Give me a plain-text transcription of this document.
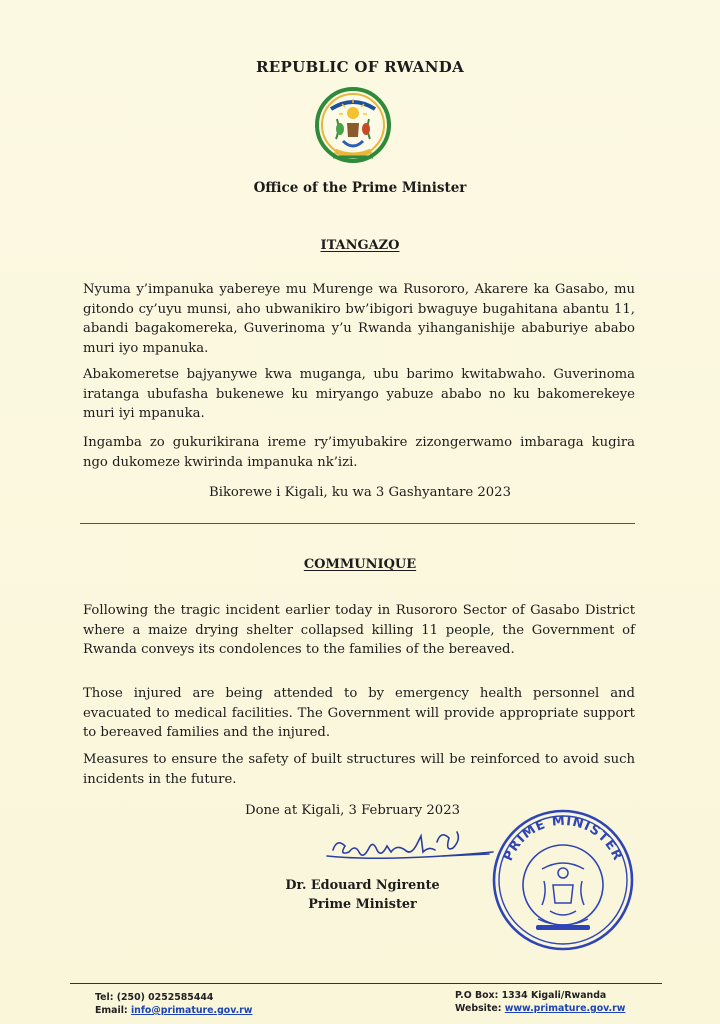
REPUBLIC OF RWANDA
Office of the Prime Minister
ITANGAZO

Nyuma y’impanuka yabereye mu Murenge wa Rusororo, Akarere ka Gasabo, mu gitondo cy’uyu munsi, aho ubwanikiro bw’ibigori bwaguye bugahitana abantu 11, abandi bagakomereka, Guverinoma y’u Rwanda yihanganishije ababuriye ababo muri iyo mpanuka.

Abakomeretse bajyanywe kwa muganga, ubu barimo kwitabwaho. Guverinoma iratanga ubufasha bukenewe ku miryango yabuze ababo no ku bakomerekeye muri iyi mpanuka.

Ingamba zo gukurikirana ireme ry’imyubakire zizongerwamo imbaraga kugira ngo dukomeze kwirinda impanuka nk’izi.

Bikorewe i Kigali, ku wa 3 Gashyantare 2023
COMMUNIQUE

Following the tragic incident earlier today in Rusororo Sector of Gasabo District where a maize drying shelter collapsed killing 11 people, the Government of Rwanda conveys its condolences to the families of the bereaved.

Those injured are being attended to by emergency health personnel and evacuated to medical facilities. The Government will provide appropriate support to bereaved families and the injured.

Measures to ensure the safety of built structures will be reinforced to avoid such incidents in the future.

Done at Kigali, 3 February 2023
Dr. Edouard Ngirente
Prime Minister
PRIME MINISTER
Tel: (250) 0252585444
Email: info@primature.gov.rw
P.O Box: 1334 Kigali/Rwanda
Website: www.primature.gov.rw
